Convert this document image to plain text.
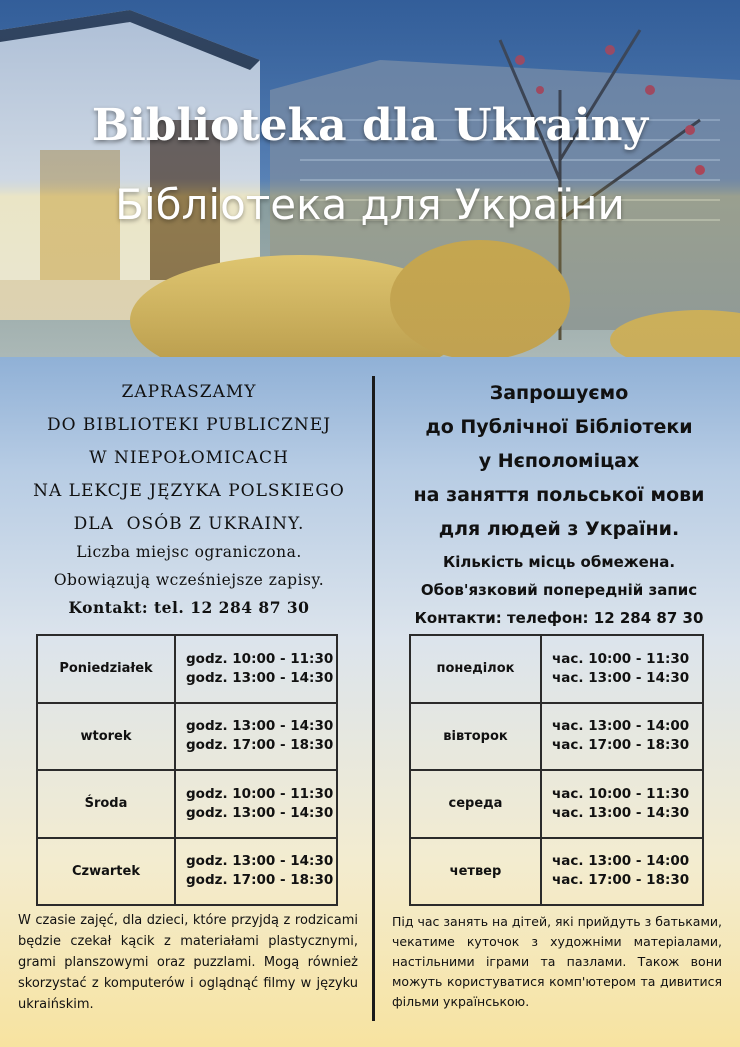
Biblioteka dla Ukrainy
Бібліотека для України
ZAPRASZAMY
DO BIBLIOTEKI PUBLICZNEJ
W NIEPOŁOMICACH
NA LEKCJE JĘZYKA POLSKIEGO
DLA  OSÓB Z UKRAINY.
Liczba miejsc ograniczona.
Obowiązują wcześniejsze zapisy.
Kontakt: tel. 12 284 87 30
Poniedziałek	godz. 10:00 - 11:30
godz. 13:00 - 14:30

wtorek	godz. 13:00 - 14:30
godz. 17:00 - 18:30

Środa	godz. 10:00 - 11:30
godz. 13:00 - 14:30

Czwartek	godz. 13:00 - 14:30
godz. 17:00 - 18:30
W czasie zajęć, dla dzieci, które przyjdą z rodzicami będzie czekał kącik z materiałami plastycznymi, grami planszowymi oraz puzzlami. Mogą również skorzystać z komputerów i oglądnąć filmy w języku ukraińskim.
Запрошуємо
до Публічної Бібліотеки
у Нєполоміцах
на заняття польської мови
для людей з України.
Кількість місць обмежена.
Обов'язковий попередній запис
Контакти: телефон: 12 284 87 30
понеділок	час. 10:00 - 11:30
час. 13:00 - 14:30

вівторок	час. 13:00 - 14:00
час. 17:00 - 18:30

середа	час. 10:00 - 11:30
час. 13:00 - 14:30

четвер	час. 13:00 - 14:00
час. 17:00 - 18:30
Під час занять на дітей, які прийдуть з батьками, чекатиме куточок з художніми матеріалами, настільними іграми та пазлами. Також вони можуть користуватися комп'ютером та дивитися фільми українською.
